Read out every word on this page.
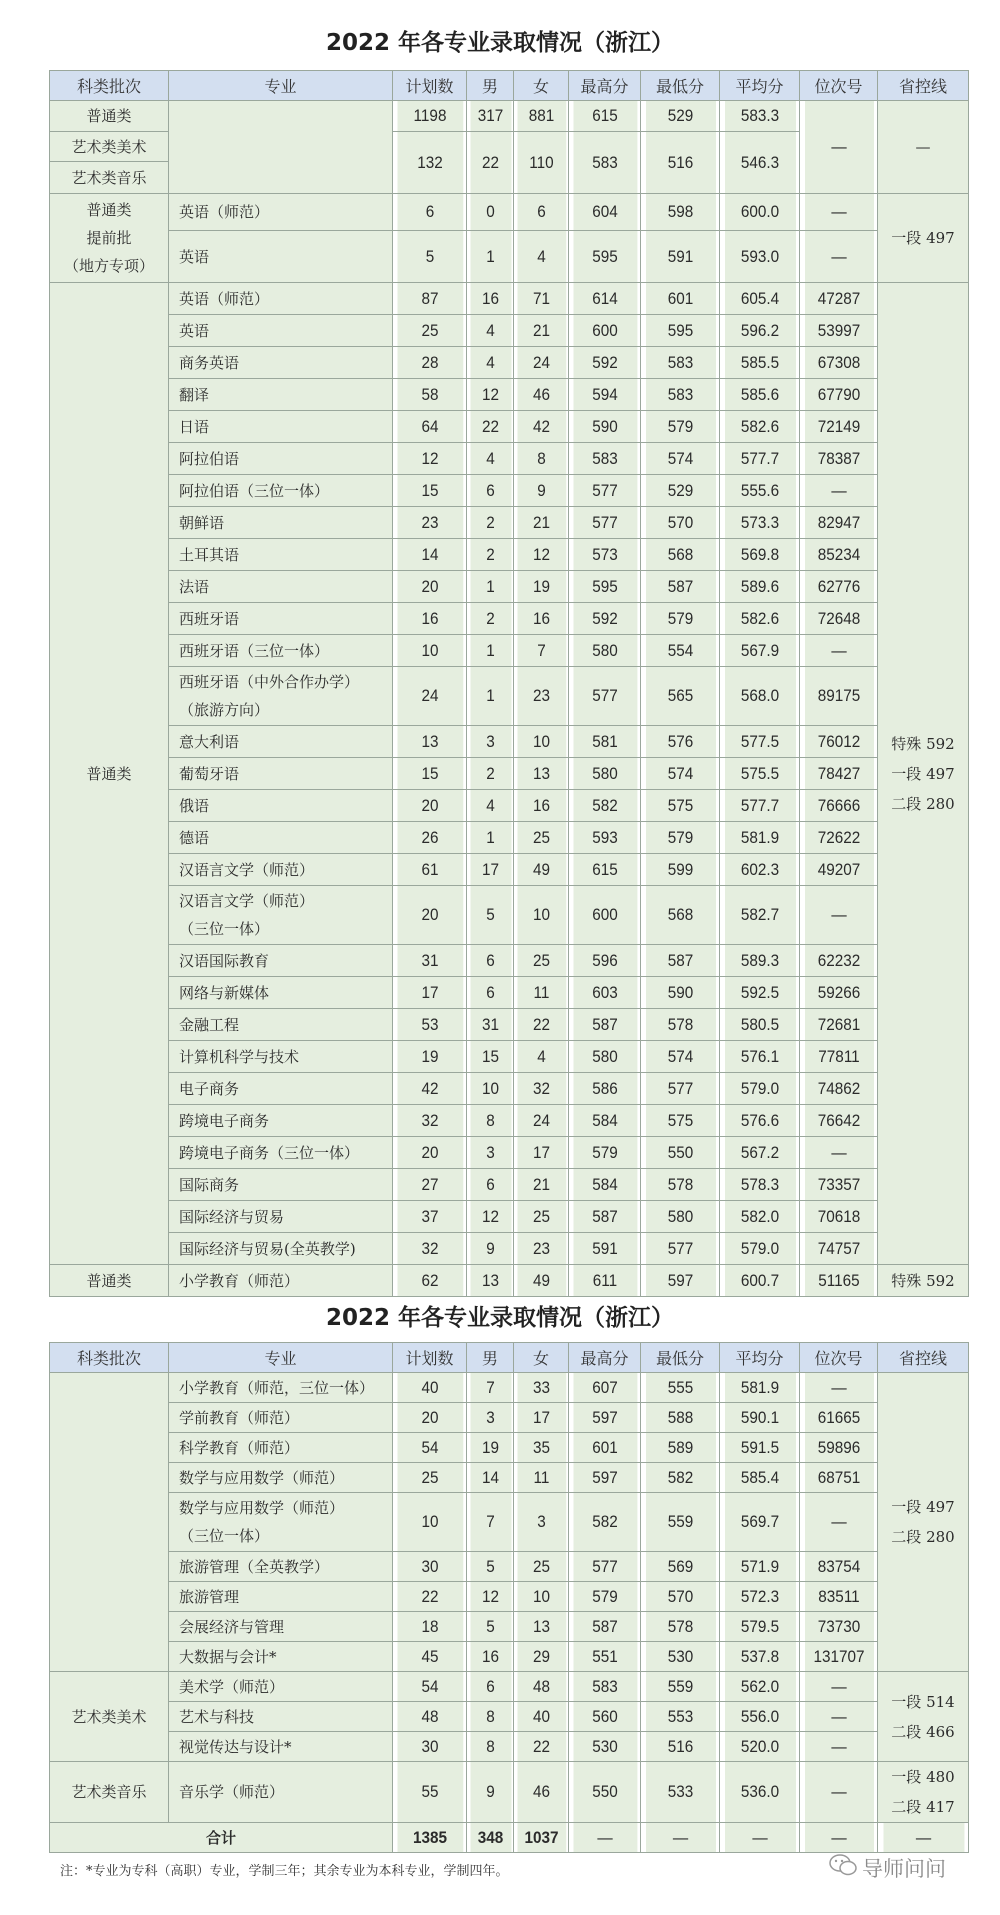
2022 年各专业录取情况（浙江）
科类批次	专业	计划数	男	女	最高分	最低分	平均分	位次号	省控线
普通类		1198	317	881	615	529	583.3	—	—
艺术类美术		132	22	110	583	516	546.3		
艺术类音乐									

普通类
提前批
（地方专项）	英语（师范）	6	0	6	604	598	600.0	—	一段 497

	英语	5	1	4	595	591	593.0	—	

普通类	英语（师范）	87	16	71	614	601	605.4	47287	特殊 592
一段 497
二段 280

	英语	25	4	21	600	595	596.2	53997	

	商务英语	28	4	24	592	583	585.5	67308	

	翻译	58	12	46	594	583	585.6	67790	

	日语	64	22	42	590	579	582.6	72149	

	阿拉伯语	12	4	8	583	574	577.7	78387	

	阿拉伯语（三位一体）	15	6	9	577	529	555.6	—	

	朝鲜语	23	2	21	577	570	573.3	82947	

	土耳其语	14	2	12	573	568	569.8	85234	

	法语	20	1	19	595	587	589.6	62776	

	西班牙语	16	2	16	592	579	582.6	72648	

	西班牙语（三位一体）	10	1	7	580	554	567.9	—	

	西班牙语（中外合作办学）
（旅游方向）	24	1	23	577	565	568.0	89175	

	意大利语	13	3	10	581	576	577.5	76012	

	葡萄牙语	15	2	13	580	574	575.5	78427	

	俄语	20	4	16	582	575	577.7	76666	

	德语	26	1	25	593	579	581.9	72622	

	汉语言文学（师范）	61	17	49	615	599	602.3	49207	

	汉语言文学（师范）
（三位一体）	20	5	10	600	568	582.7	—	

	汉语国际教育	31	6	25	596	587	589.3	62232	

	网络与新媒体	17	6	11	603	590	592.5	59266	

	金融工程	53	31	22	587	578	580.5	72681	

	计算机科学与技术	19	15	4	580	574	576.1	77811	

	电子商务	42	10	32	586	577	579.0	74862	

	跨境电子商务	32	8	24	584	575	576.6	76642	

	跨境电子商务（三位一体）	20	3	17	579	550	567.2	—	

	国际商务	27	6	21	584	578	578.3	73357	

	国际经济与贸易	37	12	25	587	580	582.0	70618	

	国际经济与贸易(全英教学)	32	9	23	591	577	579.0	74757	

普通类	小学教育（师范）	62	13	49	611	597	600.7	51165	特殊 592
2022 年各专业录取情况（浙江）
科类批次	专业	计划数	男	女	最高分	最低分	平均分	位次号	省控线

	小学教育（师范，三位一体）	40	7	33	607	555	581.9	—	一段 497
二段 280

	学前教育（师范）	20	3	17	597	588	590.1	61665	

	科学教育（师范）	54	19	35	601	589	591.5	59896	

	数学与应用数学（师范）	25	14	11	597	582	585.4	68751	

	数学与应用数学（师范）
（三位一体）	10	7	3	582	559	569.7	—	

	旅游管理（全英教学）	30	5	25	577	569	571.9	83754	

	旅游管理	22	12	10	579	570	572.3	83511	

	会展经济与管理	18	5	13	587	578	579.5	73730	

	大数据与会计*	45	16	29	551	530	537.8	131707	

艺术类美术	美术学（师范）	54	6	48	583	559	562.0	—	一段 514
二段 466

	艺术与科技	48	8	40	560	553	556.0	—	

	视觉传达与设计*	30	8	22	530	516	520.0	—	

艺术类音乐	音乐学（师范）	55	9	46	550	533	536.0	—	一段 480
二段 417

合计		1385	348	1037	—	—	—	—	—
注：*专业为专科（高职）专业，学制三年；其余专业为本科专业，学制四年。	导师问问
